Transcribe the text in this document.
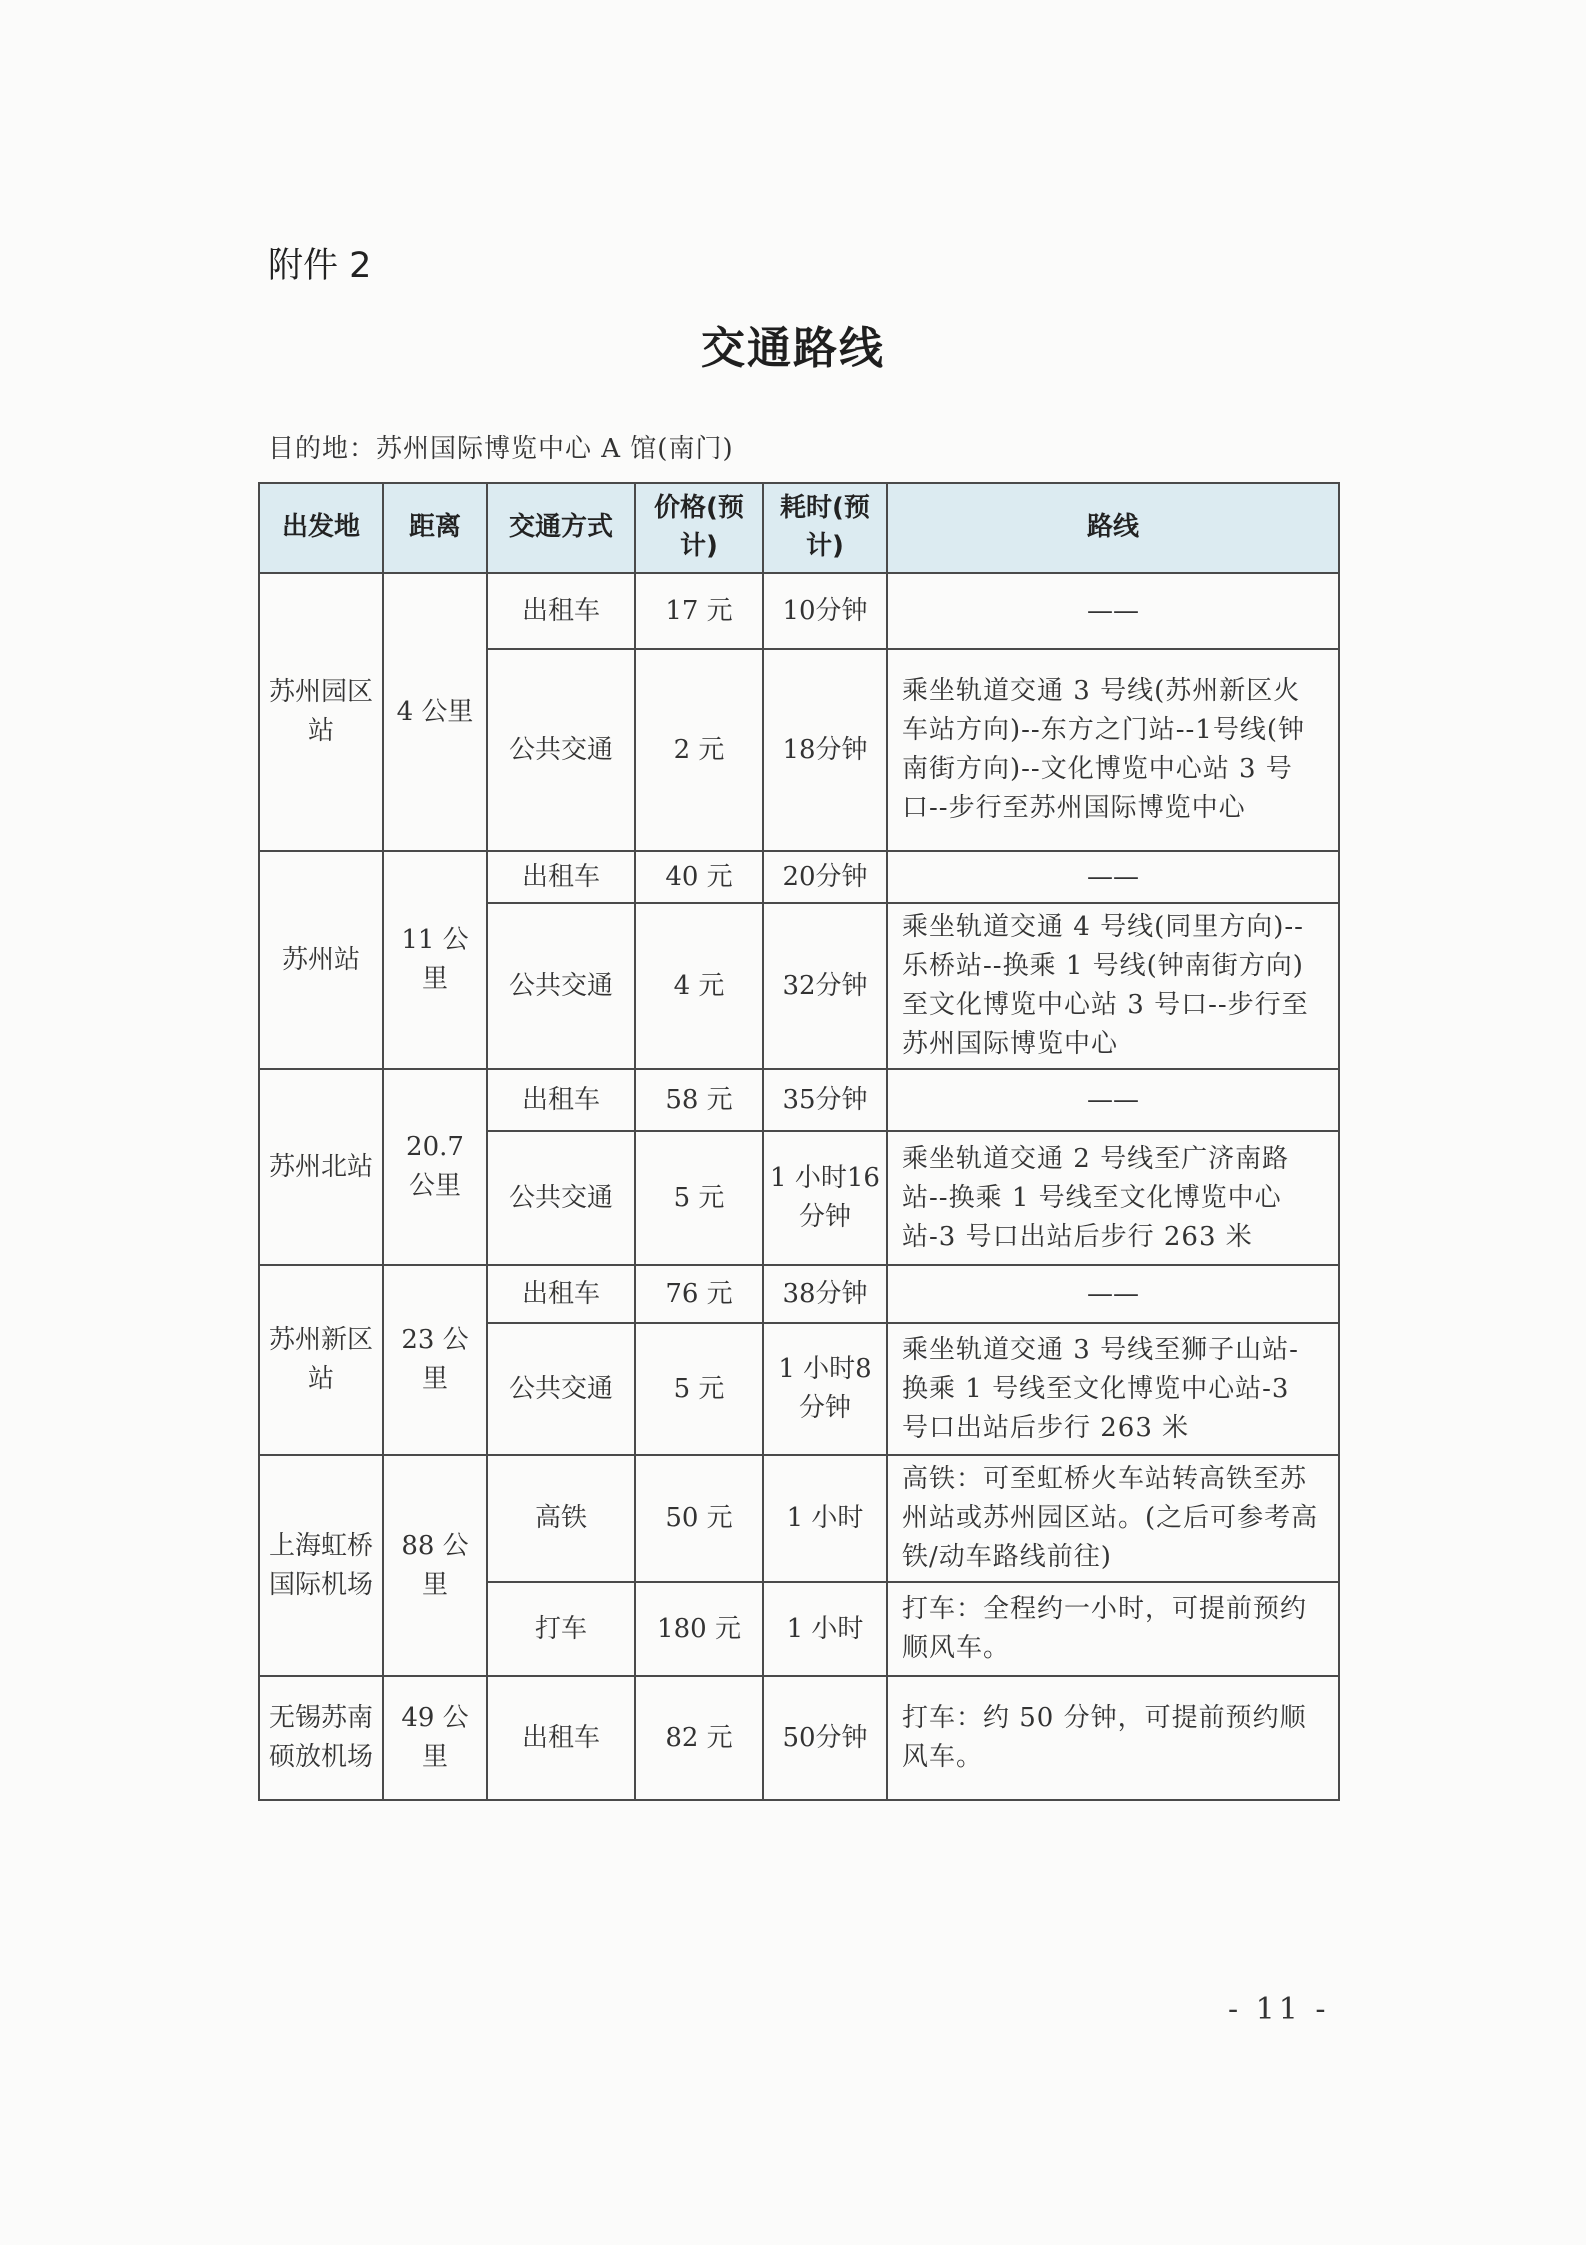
附件 2
交通路线
目的地：苏州国际博览中心 A 馆(南门)
出发地	距离	交通方式	价格(预计)	耗时(预计)	路线
苏州园区站	4 公里	出租车	17 元	10分钟	——
		公共交通	2 元	18分钟	乘坐轨道交通 3 号线(苏州新区火车站方向)--东方之门站--1号线(钟南街方向)--文化博览中心站 3 号口--步行至苏州国际博览中心
苏州站	11 公里	出租车	40 元	20分钟	——
		公共交通	4 元	32分钟	乘坐轨道交通 4 号线(同里方向)--乐桥站--换乘 1 号线(钟南街方向)至文化博览中心站 3 号口--步行至苏州国际博览中心
苏州北站	20.7 公里	出租车	58 元	35分钟	——
		公共交通	5 元	1 小时16分钟	乘坐轨道交通 2 号线至广济南路站--换乘 1 号线至文化博览中心站-3 号口出站后步行 263 米
苏州新区站	23 公里	出租车	76 元	38分钟	——
		公共交通	5 元	1 小时8 分钟	乘坐轨道交通 3 号线至狮子山站-换乘 1 号线至文化博览中心站-3 号口出站后步行 263 米
上海虹桥国际机场	88 公里	高铁	50 元	1 小时	高铁：可至虹桥火车站转高铁至苏州站或苏州园区站。(之后可参考高铁/动车路线前往)
		打车	180 元	1 小时	打车：全程约一小时，可提前预约顺风车。
无锡苏南硕放机场	49 公里	出租车	82 元	50分钟	打车：约 50 分钟，可提前预约顺风车。
- 11 -
